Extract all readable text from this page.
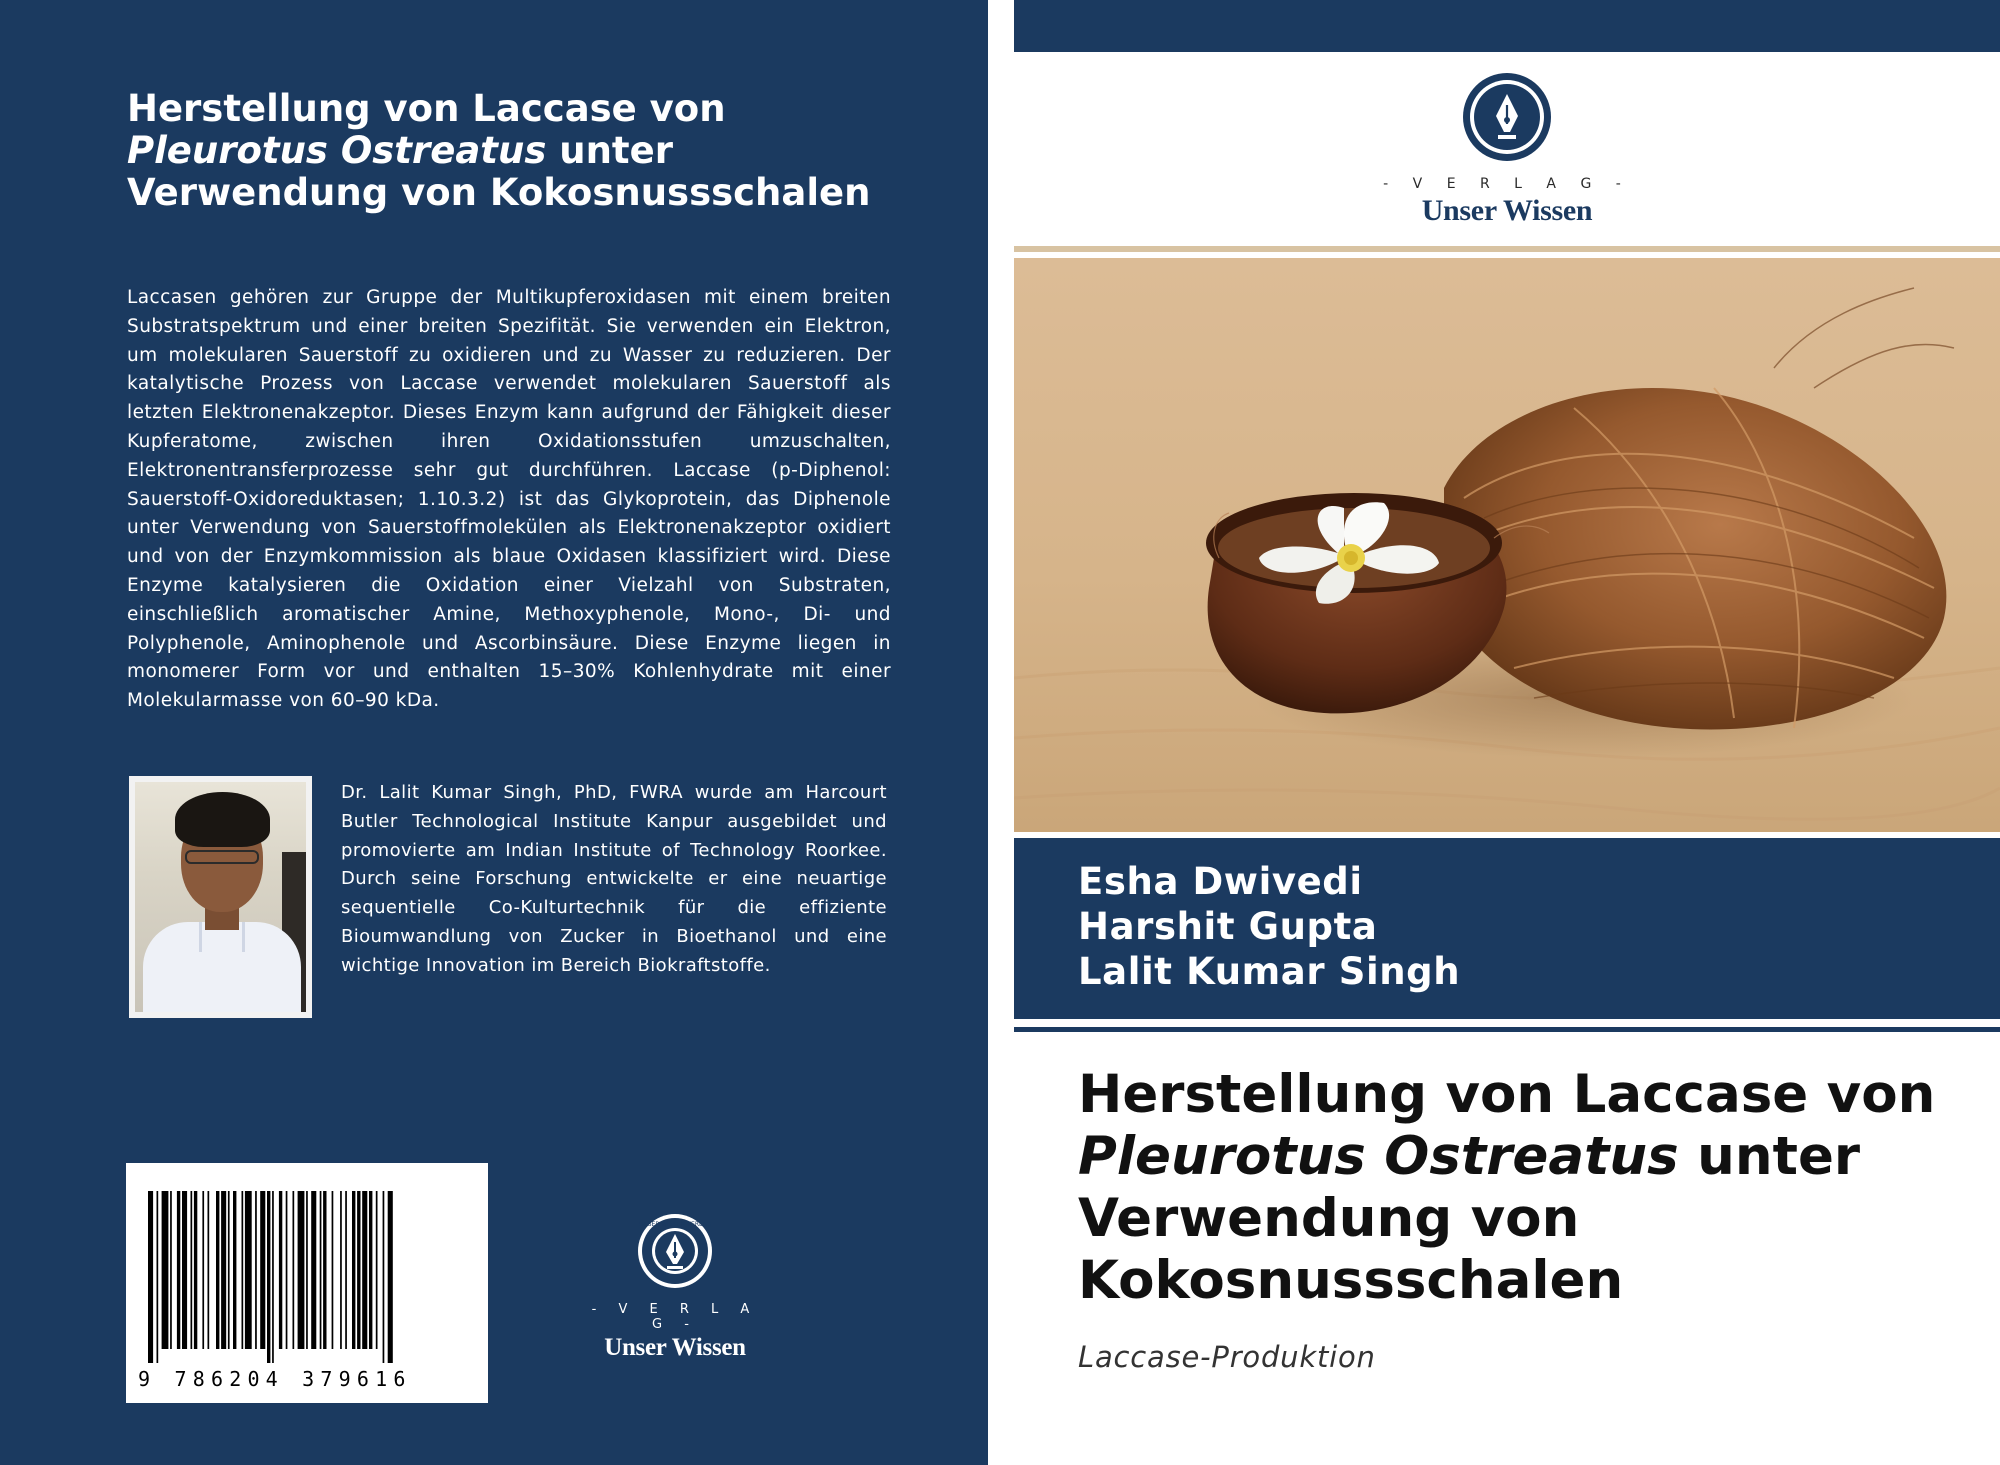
Herstellung von Laccase von Pleurotus Ostreatus unter Verwendung von Kokosnussschalen

Laccasen gehören zur Gruppe der Multikupferoxidasen mit einem breiten Substratspektrum und einer breiten Spezifität. Sie verwenden ein Elektron, um molekularen Sauerstoff zu oxidieren und zu Wasser zu reduzieren. Der katalytische Prozess von Laccase verwendet molekularen Sauerstoff als letzten Elektronenakzeptor. Dieses Enzym kann aufgrund der Fähigkeit dieser Kupferatome, zwischen ihren Oxidationsstufen umzuschalten, Elektronentransferprozesse sehr gut durchführen. Laccase (p-Diphenol: Sauerstoff-Oxidoreduktasen; 1.10.3.2) ist das Glykoprotein, das Diphenole unter Verwendung von Sauerstoffmolekülen als Elektronenakzeptor oxidiert und von der Enzymkommission als blaue Oxidasen klassifiziert wird. Diese Enzyme katalysieren die Oxidation einer Vielzahl von Substraten, einschließlich aromatischer Amine, Methoxyphenole, Mono-, Di- und Polyphenole, Aminophenole und Ascorbinsäure. Diese Enzyme liegen in monomerer Form vor und enthalten 15–30% Kohlenhydrate mit einer Molekularmasse von 60–90 kDa.

Dr. Lalit Kumar Singh, PhD, FWRA wurde am Harcourt Butler Technological Institute Kanpur ausgebildet und promovierte am Indian Institute of Technology Roorkee. Durch seine Forschung entwickelte er eine neuartige sequentielle Co-Kulturtechnik für die effiziente Bioumwandlung von Zucker in Bioethanol und eine wichtige Innovation im Bereich Biokraftstoffe.

9 786204 379616
UNSER WISSEN VERLAG
- V E R L A G -
Unser Wissen
- V E R L A G -
Unser Wissen

Esha Dwivedi

Harshit Gupta

Lalit Kumar Singh

Herstellung von Laccase von Pleurotus Ostreatus unter Verwendung von Kokosnussschalen

Laccase-Produktion
